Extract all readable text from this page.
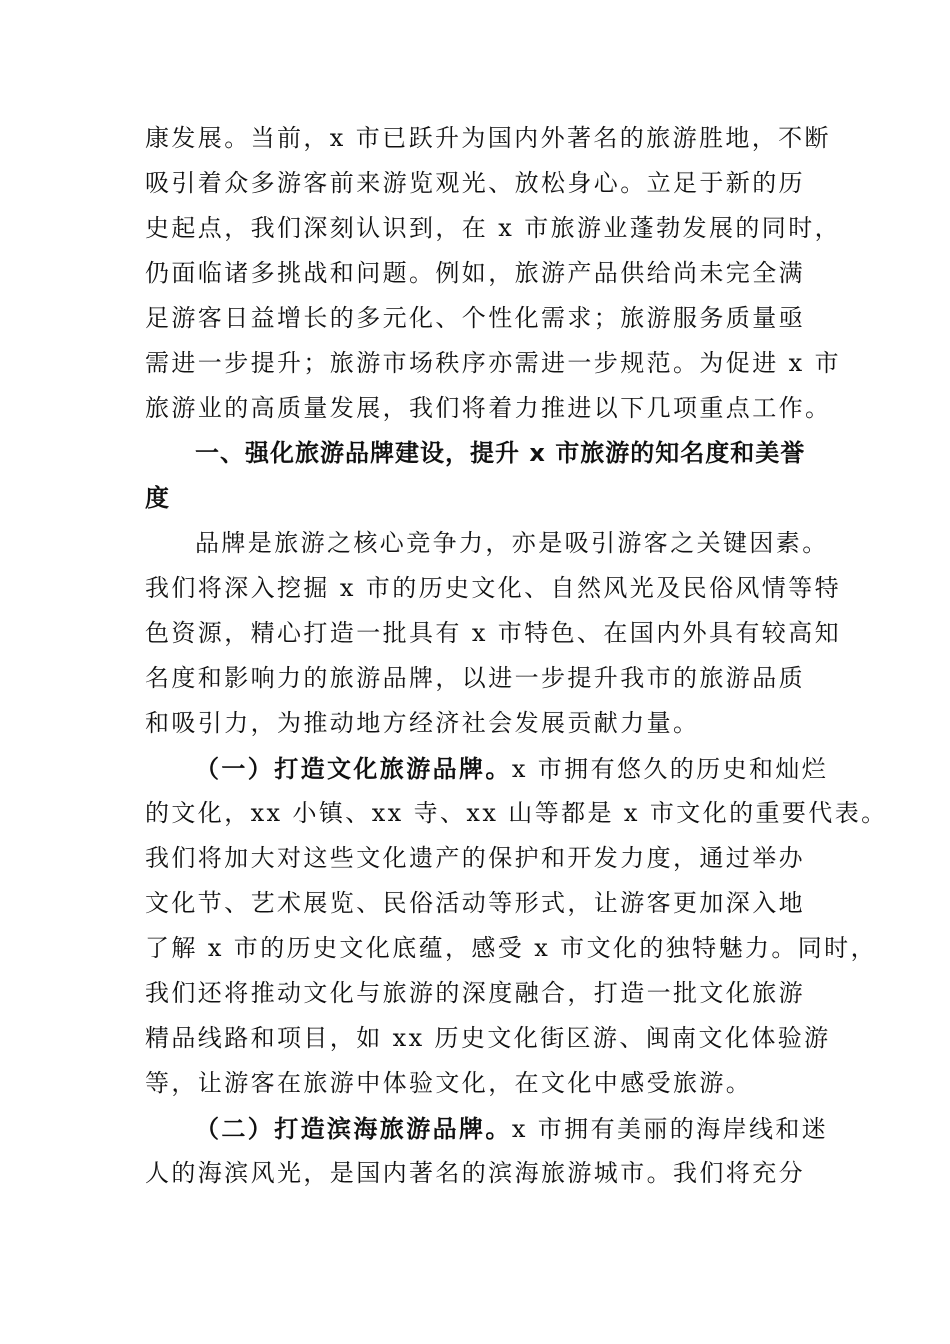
康发展。当前，x 市已跃升为国内外著名的旅游胜地，不断
吸引着众多游客前来游览观光、放松身心。立足于新的历
史起点，我们深刻认识到，在 x 市旅游业蓬勃发展的同时，
仍面临诸多挑战和问题。例如，旅游产品供给尚未完全满
足游客日益增长的多元化、个性化需求；旅游服务质量亟
需进一步提升；旅游市场秩序亦需进一步规范。为促进 x 市
旅游业的高质量发展，我们将着力推进以下几项重点工作。
一、强化旅游品牌建设，提升 x 市旅游的知名度和美誉
度
品牌是旅游之核心竞争力，亦是吸引游客之关键因素。
我们将深入挖掘 x 市的历史文化、自然风光及民俗风情等特
色资源，精心打造一批具有 x 市特色、在国内外具有较高知
名度和影响力的旅游品牌，以进一步提升我市的旅游品质
和吸引力，为推动地方经济社会发展贡献力量。
（一）打造文化旅游品牌。x 市拥有悠久的历史和灿烂
的文化，xx 小镇、xx 寺、xx 山等都是 x 市文化的重要代表。
我们将加大对这些文化遗产的保护和开发力度，通过举办
文化节、艺术展览、民俗活动等形式，让游客更加深入地
了解 x 市的历史文化底蕴，感受 x 市文化的独特魅力。同时，
我们还将推动文化与旅游的深度融合，打造一批文化旅游
精品线路和项目，如 xx 历史文化街区游、闽南文化体验游
等，让游客在旅游中体验文化，在文化中感受旅游。
（二）打造滨海旅游品牌。x 市拥有美丽的海岸线和迷
人的海滨风光，是国内著名的滨海旅游城市。我们将充分
